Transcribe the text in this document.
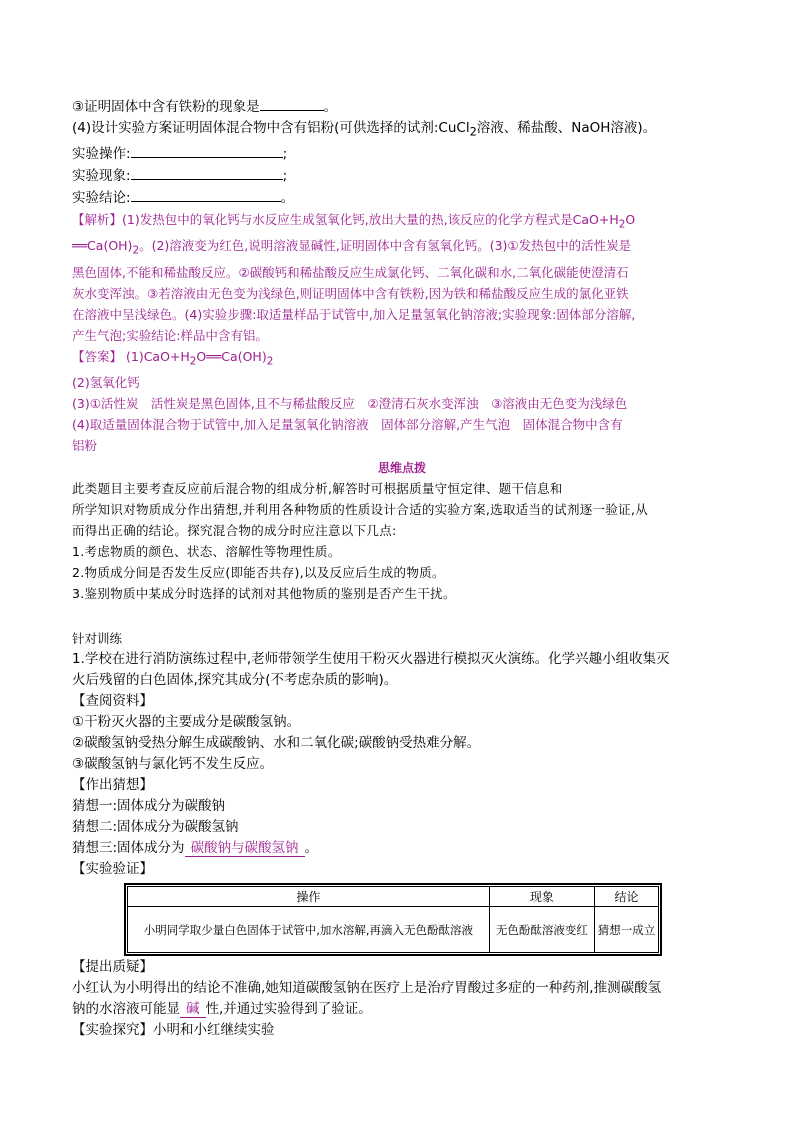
③证明固体中含有铁粉的现象是	。
(4)设计实验方案证明固体混合物中含有铝粉(可供选择的试剂:CuCl$_2$溶液、稀盐酸、NaOH溶液)。
实验操作:	;
实验现象:	;
实验结论:	。
【解析】(1)发热包中的氧化钙与水反应生成氢氧化钙,放出大量的热,该反应的化学方程式是$CaO+H_2O$
$══Ca(OH)_2$。(2)溶液变为红色,说明溶液显碱性,证明固体中含有氢氧化钙。(3)①发热包中的活性炭是
黑色固体,不能和稀盐酸反应。②碳酸钙和稀盐酸反应生成氯化钙、二氧化碳和水,二氧化碳能使澄清石
灰水变浑浊。③若溶液由无色变为浅绿色,则证明固体中含有铁粉,因为铁和稀盐酸反应生成的氯化亚铁
在溶液中呈浅绿色。(4)实验步骤:取适量样品于试管中,加入足量氢氧化钠溶液;实验现象:固体部分溶解,
产生气泡;实验结论:样品中含有铝。
【答案】 $(1)CaO+H_2O══Ca(OH)_2$
(2)氢氧化钙
(3)①活性炭　活性炭是黑色固体,且不与稀盐酸反应　②澄清石灰水变浑浊　③溶液由无色变为浅绿色
(4)取适量固体混合物于试管中,加入足量氢氧化钠溶液　固体部分溶解,产生气泡　固体混合物中含有
铝粉
思维点拨
此类题目主要考查反应前后混合物的组成分析,解答时可根据质量守恒定律、题干信息和
所学知识对物质成分作出猜想,并利用各种物质的性质设计合适的实验方案,选取适当的试剂逐一验证,从
而得出正确的结论。探究混合物的成分时应注意以下几点:
1.考虑物质的颜色、状态、溶解性等物理性质。
2.物质成分间是否发生反应(即能否共存),以及反应后生成的物质。
3.鉴别物质中某成分时选择的试剂对其他物质的鉴别是否产生干扰。
针对训练
1.学校在进行消防演练过程中,老师带领学生使用干粉灭火器进行模拟灭火演练。化学兴趣小组收集灭
火后残留的白色固体,探究其成分(不考虑杂质的影响)。
【查阅资料】
①干粉灭火器的主要成分是碳酸氢钠。
②碳酸氢钠受热分解生成碳酸钠、水和二氧化碳;碳酸钠受热难分解。
③碳酸氢钠与氯化钙不发生反应。
【作出猜想】
猜想一:固体成分为碳酸钠
猜想二:固体成分为碳酸氢钠
猜想三:固体成分为 碳酸钠与碳酸氢钠 。
【实验验证】
操作	现象	结论
小明同学取少量白色固体于试管中,加水溶解,再滴入无色酚酞溶液	无色酚酞溶液变红	猜想一成立
【提出质疑】
小红认为小明得出的结论不准确,她知道碳酸氢钠在医疗上是治疗胃酸过多症的一种药剂,推测碳酸氢
钠的水溶液可能显 碱 性,并通过实验得到了验证。
【实验探究】小明和小红继续实验
